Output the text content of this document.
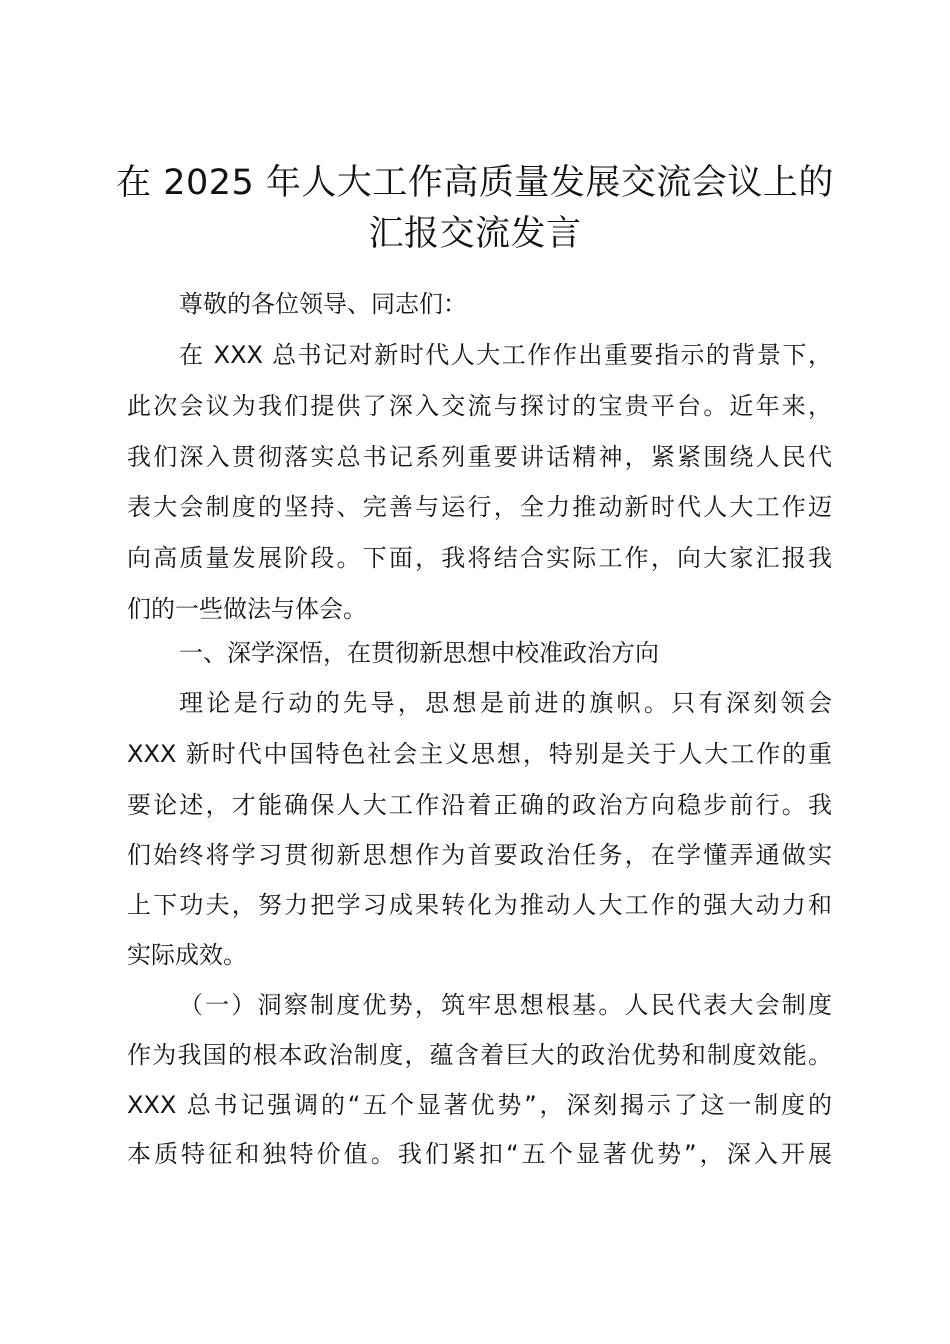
在 2025 年人大工作高质量发展交流会议上的
汇报交流发言
尊敬的各位领导、同志们：
在 XXX 总书记对新时代人大工作作出重要指示的背景下，
此次会议为我们提供了深入交流与探讨的宝贵平台。近年来，
我们深入贯彻落实总书记系列重要讲话精神，紧紧围绕人民代
表大会制度的坚持、完善与运行，全力推动新时代人大工作迈
向高质量发展阶段。下面，我将结合实际工作，向大家汇报我
们的一些做法与体会。
一、深学深悟，在贯彻新思想中校准政治方向
理论是行动的先导，思想是前进的旗帜。只有深刻领会
XXX 新时代中国特色社会主义思想，特别是关于人大工作的重
要论述，才能确保人大工作沿着正确的政治方向稳步前行。我
们始终将学习贯彻新思想作为首要政治任务，在学懂弄通做实
上下功夫，努力把学习成果转化为推动人大工作的强大动力和
实际成效。
（一）洞察制度优势，筑牢思想根基。人民代表大会制度
作为我国的根本政治制度，蕴含着巨大的政治优势和制度效能。
XXX 总书记强调的“五个显著优势”，深刻揭示了这一制度的
本质特征和独特价值。我们紧扣“五个显著优势”，深入开展
